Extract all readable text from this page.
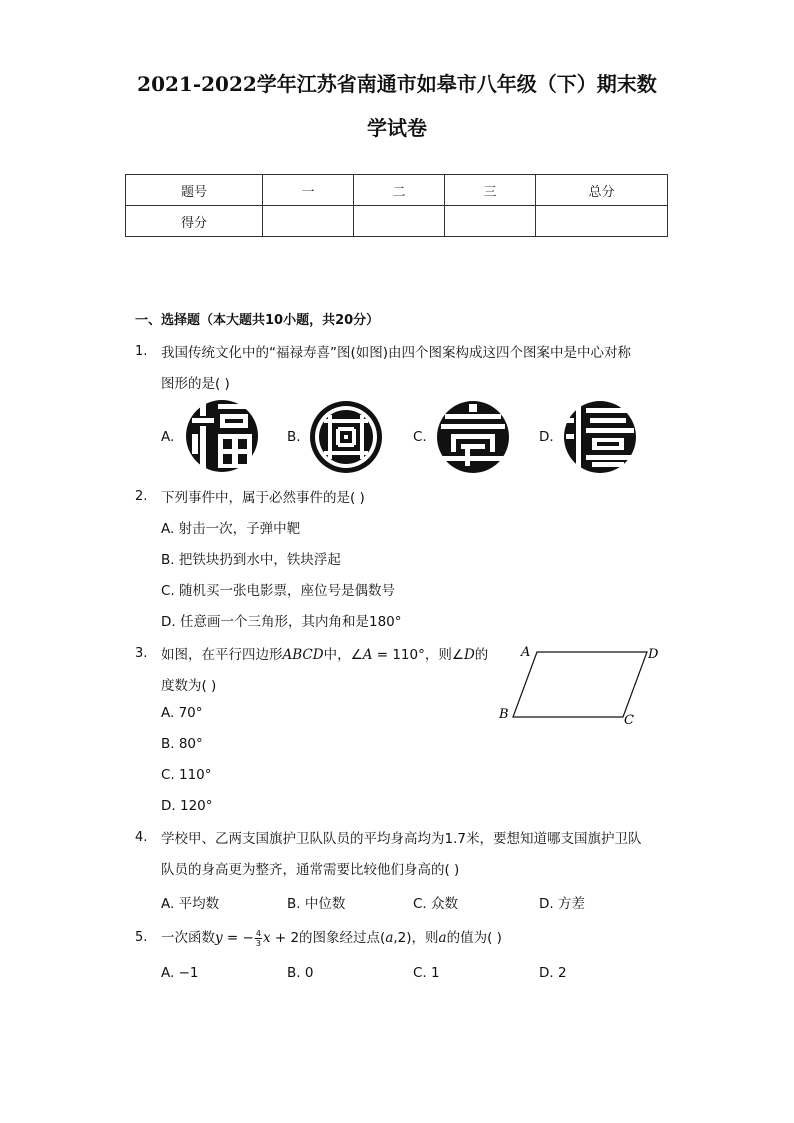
2021-2022学年江苏省南通市如皋市八年级（下）期末数
学试卷
题号	一	二	三	总分
得分				
一、选择题（本大题共10小题，共20分）
1. 我国传统文化中的“福禄寿喜”图(如图)由四个图案构成这四个图案中是中心对称
图形的是( )
A.	B.	C.	D.
2. 下列事件中，属于必然事件的是( )
A. 射击一次，子弹中靶
B. 把铁块扔到水中，铁块浮起
C. 随机买一张电影票，座位号是偶数号
D. 任意画一个三角形，其内角和是180°
3. 如图，在平行四边形ABCD中，∠A = 110°，则∠D的
度数为( )
A. 70°
B. 80°
C. 110°
D. 120°
A	D
B	C
4. 学校甲、乙两支国旗护卫队队员的平均身高均为1.7米，要想知道哪支国旗护卫队
队员的身高更为整齐，通常需要比较他们身高的( )
A. 平均数	B. 中位数	C. 众数	D. 方差
5. 一次函数y = − $\frac{4}{3}$ x + 2的图象经过点(a,2)，则a的值为( )
A. −1	B. 0	C. 1	D. 2
